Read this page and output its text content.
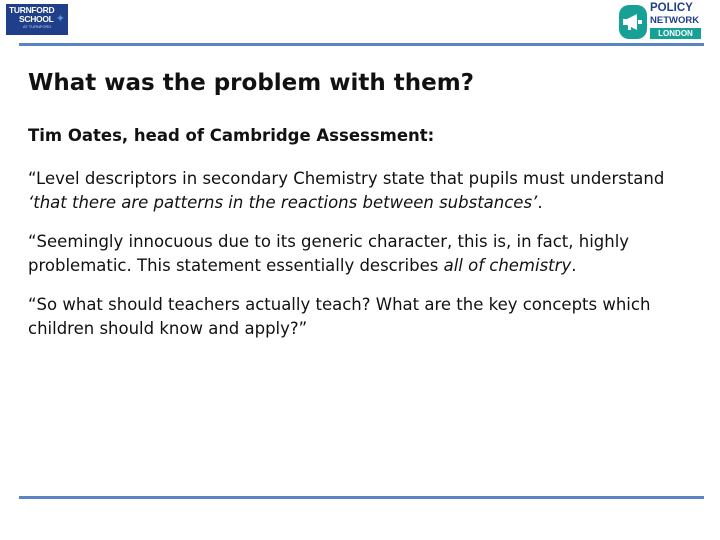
TURNFORD
SCHOOL
AT TURNFORD
✦
POLICY
NETWORK
LONDON
What was the problem with them?

Tim Oates, head of Cambridge Assessment:

“Level descriptors in secondary Chemistry state that pupils must understand ‘that there are patterns in the reactions between substances’.

“Seemingly innocuous due to its generic character, this is, in fact, highly problematic. This statement essentially describes all of chemistry.

“So what should teachers actually teach? What are the key concepts which children should know and apply?”
